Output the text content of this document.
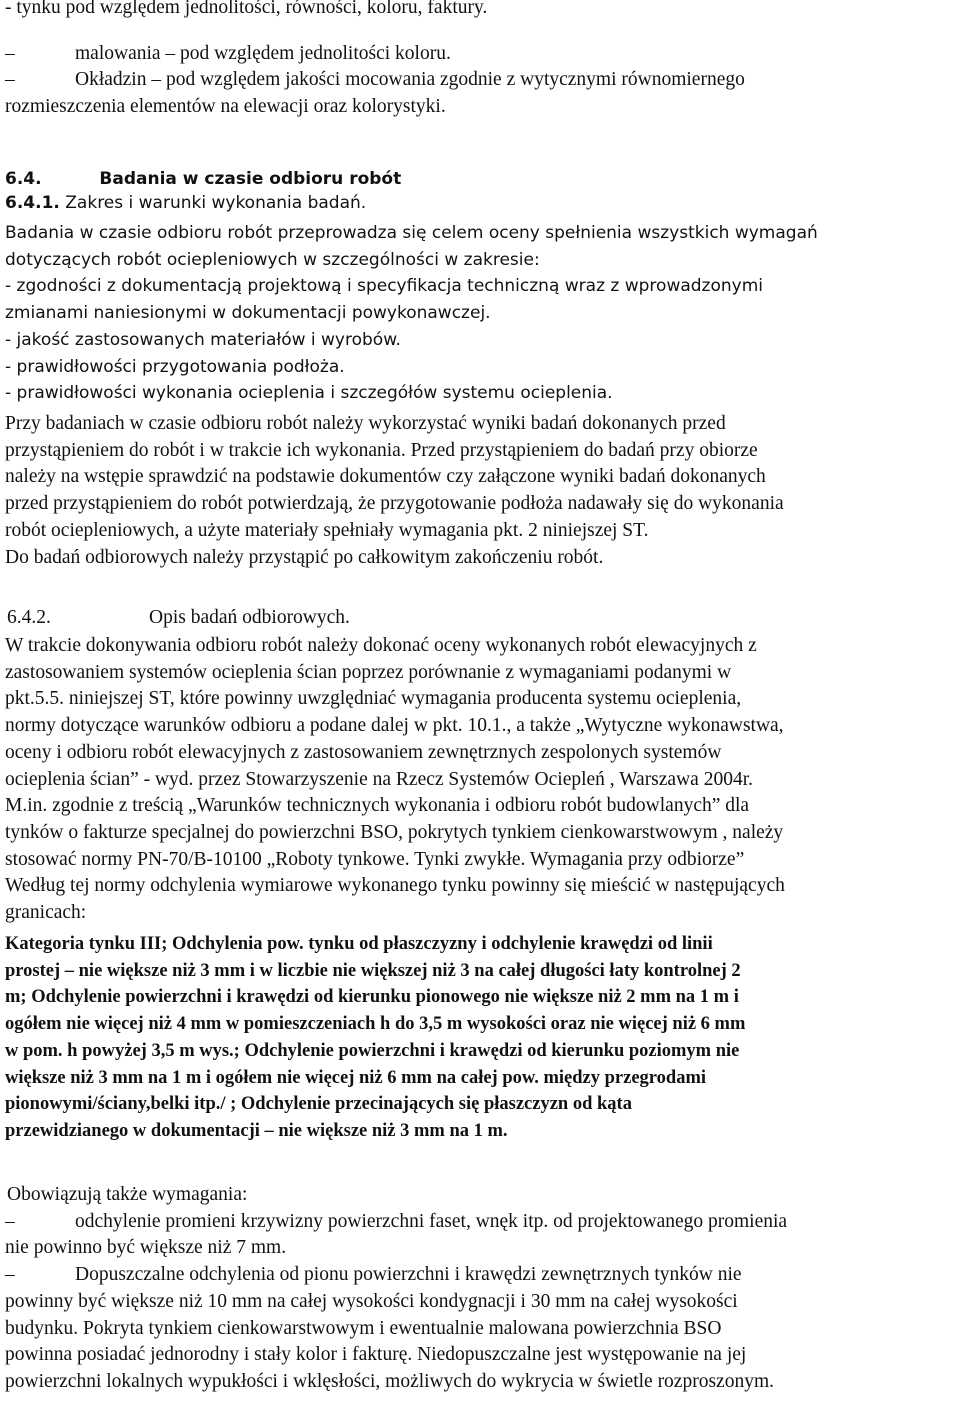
- tynku pod względem jednolitości, równości, koloru, faktury.

–	malowania – pod względem jednolitości koloru.

–	Okładzin – pod względem jakości mocowania zgodnie z wytycznymi równomiernego

rozmieszczenia elementów na elewacji oraz kolorystyki.

6.4.	Badania w czasie odbioru robót

6.4.1. Zakres i warunki wykonania badań.

Badania w czasie odbioru robót przeprowadza się celem oceny spełnienia wszystkich wymagań

dotyczących robót ociepleniowych w szczególności w zakresie:

- zgodności z dokumentacją projektową i specyfikacja techniczną wraz z wprowadzonymi

zmianami naniesionymi w dokumentacji powykonawczej.

- jakość zastosowanych materiałów i wyrobów.

- prawidłowości przygotowania podłoża.

- prawidłowości wykonania ocieplenia i szczegółów systemu ocieplenia.

Przy badaniach w czasie odbioru robót należy wykorzystać wyniki badań dokonanych przed

przystąpieniem do robót i w trakcie ich wykonania. Przed przystąpieniem do badań przy obiorze

należy na wstępie sprawdzić na podstawie dokumentów czy załączone wyniki badań dokonanych

przed przystąpieniem do robót potwierdzają, że przygotowanie podłoża nadawały się do wykonania

robót ociepleniowych, a użyte materiały spełniały wymagania pkt. 2 niniejszej ST.

Do badań odbiorowych należy przystąpić po całkowitym zakończeniu robót.

6.4.2.	Opis badań odbiorowych.

W trakcie dokonywania odbioru robót należy dokonać oceny wykonanych robót elewacyjnych z

zastosowaniem systemów ocieplenia ścian poprzez porównanie z wymaganiami podanymi w

pkt.5.5. niniejszej ST, które powinny uwzględniać wymagania producenta systemu ocieplenia,

normy dotyczące warunków odbioru a podane dalej w pkt. 10.1., a także „Wytyczne wykonawstwa,

oceny i odbioru robót elewacyjnych z zastosowaniem zewnętrznych zespolonych systemów

ocieplenia ścian” - wyd. przez Stowarzyszenie na Rzecz Systemów Ociepleń , Warszawa 2004r.

M.in. zgodnie z treścią „Warunków technicznych wykonania i odbioru robót budowlanych” dla

tynków o fakturze specjalnej do powierzchni BSO, pokrytych tynkiem cienkowarstwowym , należy

stosować normy PN-70/B-10100 „Roboty tynkowe. Tynki zwykłe. Wymagania przy odbiorze”

Według tej normy odchylenia wymiarowe wykonanego tynku powinny się mieścić w następujących

granicach:

Kategoria tynku III; Odchylenia pow. tynku od płaszczyzny i odchylenie krawędzi od linii

prostej – nie większe niż 3 mm i w liczbie nie większej niż 3 na całej długości łaty kontrolnej 2

m; Odchylenie powierzchni i krawędzi od kierunku pionowego nie większe niż 2 mm na 1 m i

ogółem nie więcej niż 4 mm w pomieszczeniach h do 3,5 m wysokości oraz nie więcej niż 6 mm

w pom. h powyżej 3,5 m wys.; Odchylenie powierzchni i krawędzi od kierunku poziomym nie

większe niż 3 mm na 1 m i ogółem nie więcej niż 6 mm na całej pow. między przegrodami

pionowymi/ściany,belki itp./ ; Odchylenie przecinających się płaszczyzn od kąta

przewidzianego w dokumentacji – nie większe niż 3 mm na 1 m.

Obowiązują także wymagania:

–	odchylenie promieni krzywizny powierzchni faset, wnęk itp. od projektowanego promienia

nie powinno być większe niż 7 mm.

–	Dopuszczalne odchylenia od pionu powierzchni i krawędzi zewnętrznych tynków nie

powinny być większe niż 10 mm na całej wysokości kondygnacji i 30 mm na całej wysokości

budynku. Pokryta tynkiem cienkowarstwowym i ewentualnie malowana powierzchnia BSO

powinna posiadać jednorodny i stały kolor i fakturę. Niedopuszczalne jest występowanie na jej

powierzchni lokalnych wypukłości i wklęsłości, możliwych do wykrycia w świetle rozproszonym.
